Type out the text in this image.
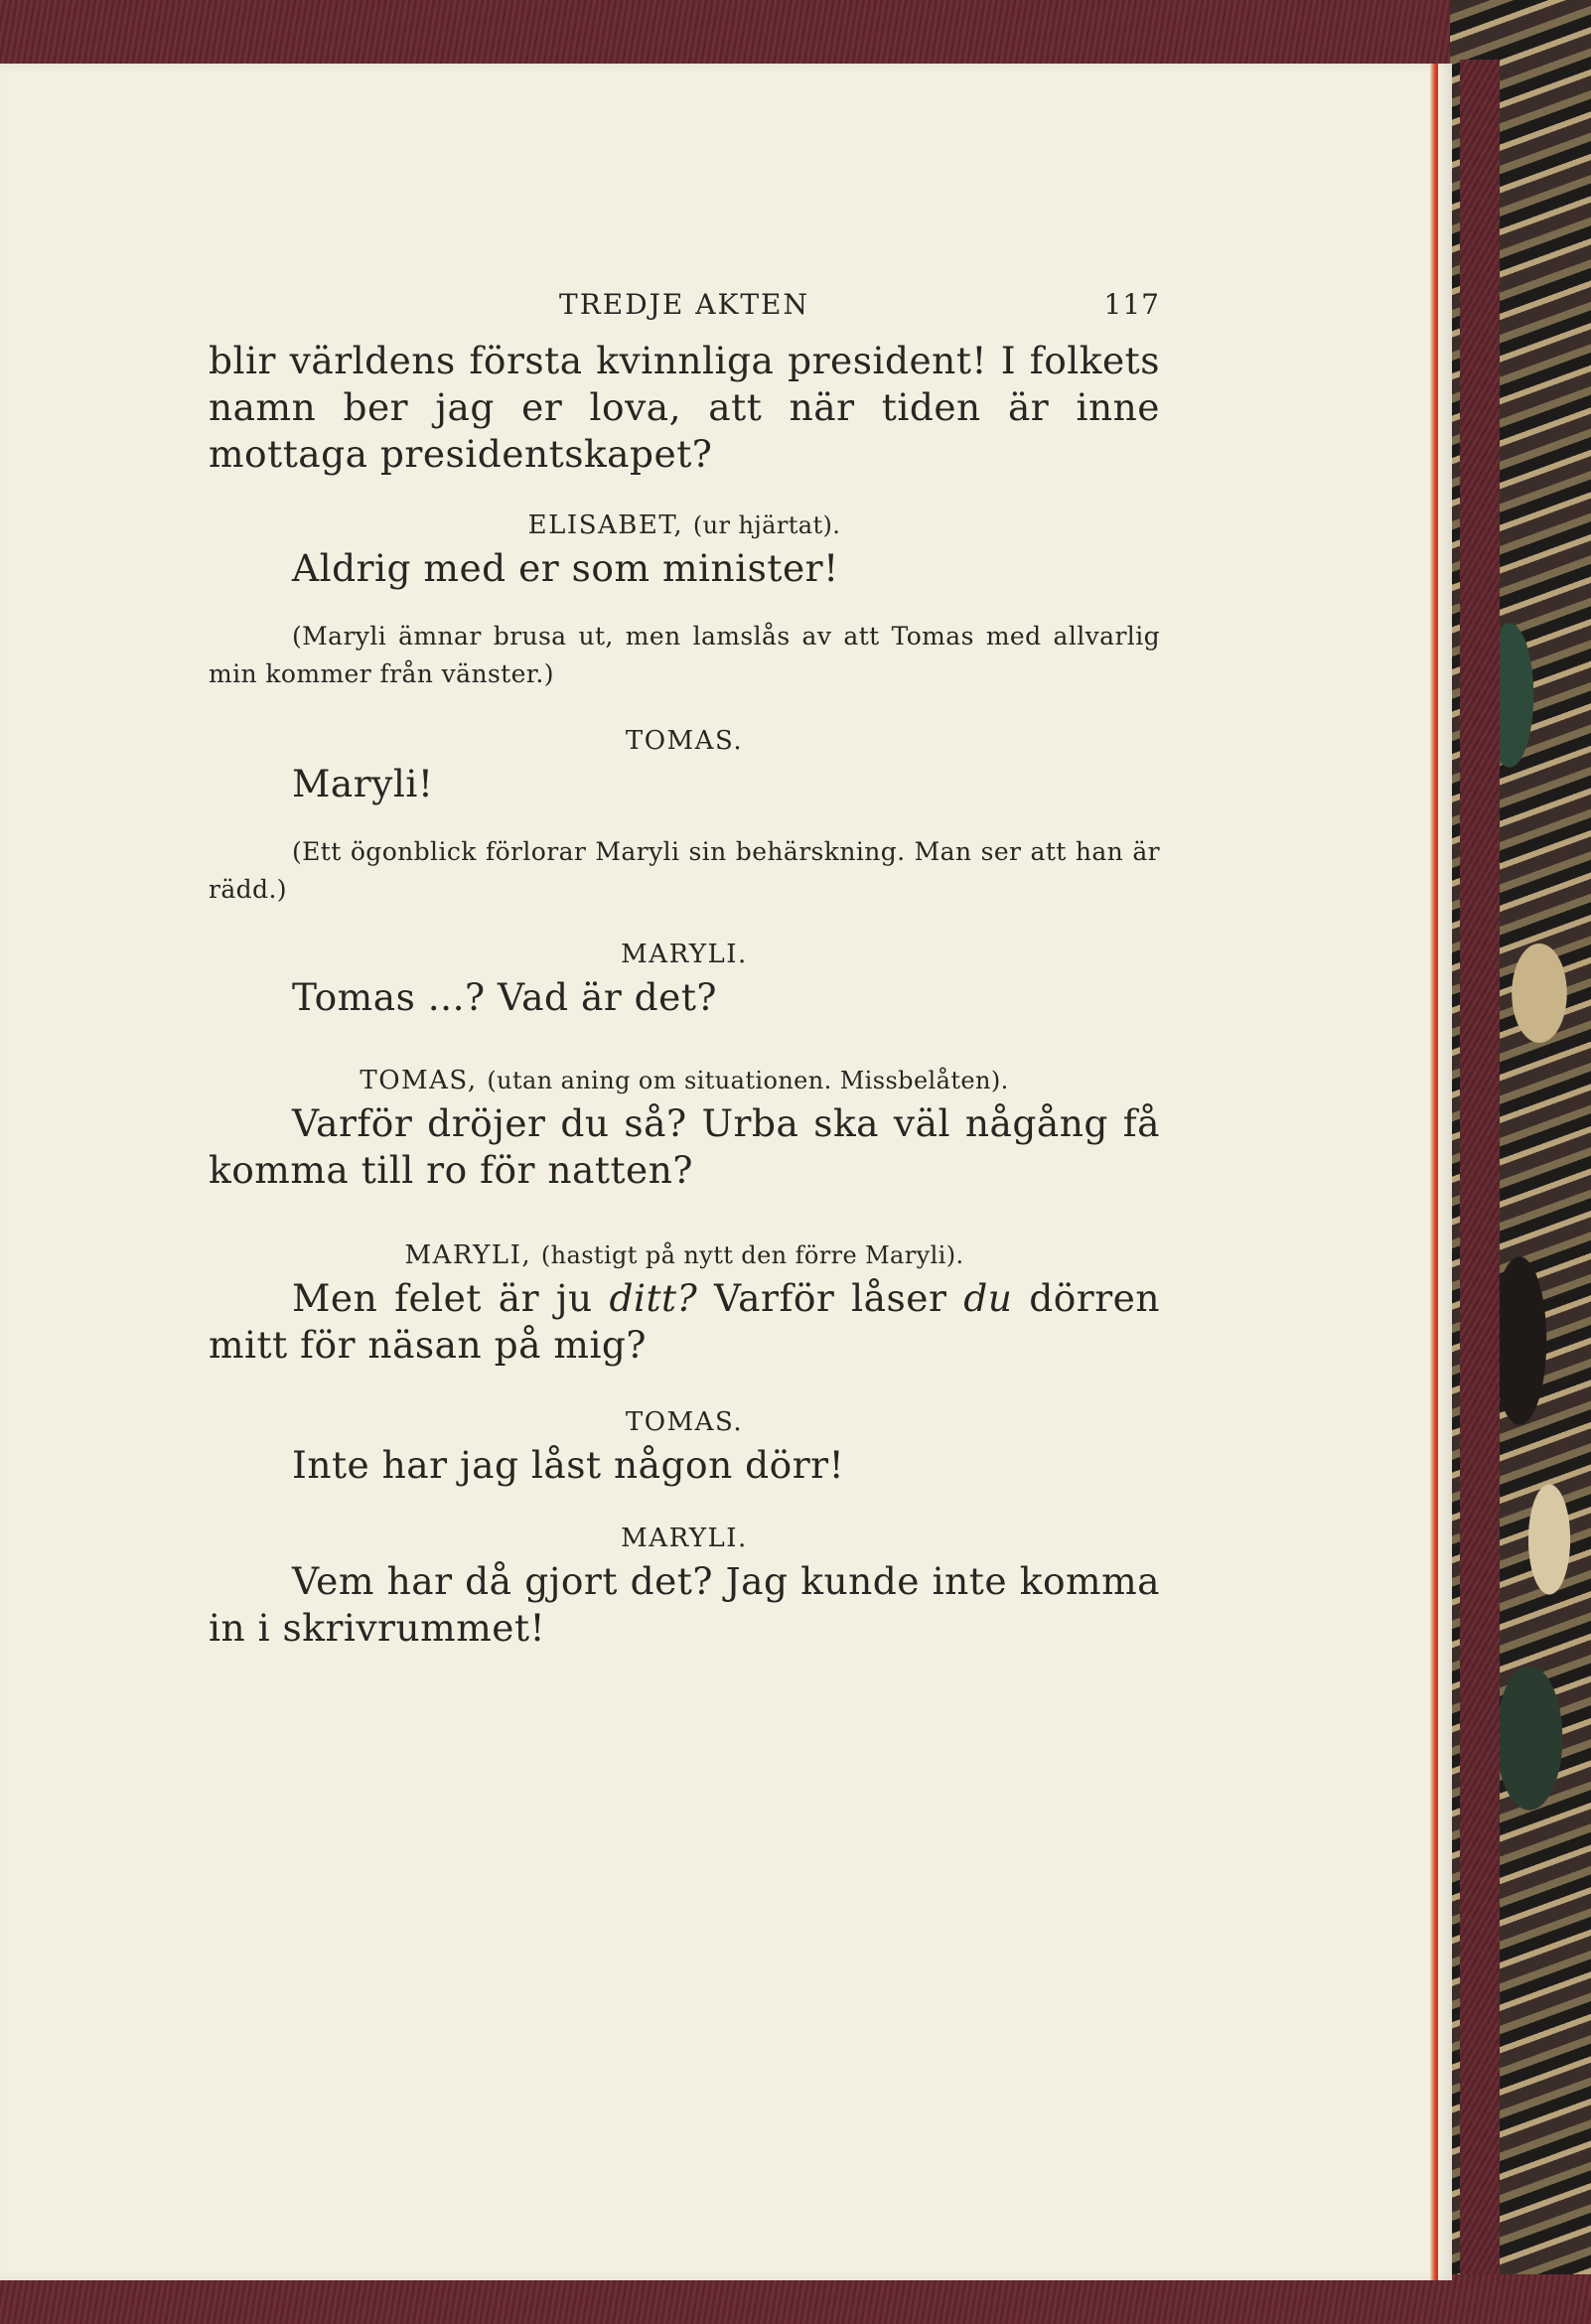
TREDJE AKTEN	117

blir världens första kvinnliga president! I folkets namn ber jag er lova, att när tiden är inne mottaga presidentskapet?

ELISABET, (ur hjärtat).

Aldrig med er som minister!

(Maryli ämnar brusa ut, men lamslås av att Tomas med allvarlig min kommer från vänster.)

TOMAS.

Maryli!

(Ett ögonblick förlorar Maryli sin behärskning. Man ser att han är rädd.)

MARYLI.

Tomas ...? Vad är det?

TOMAS, (utan aning om situationen. Missbelåten).

Varför dröjer du så? Urba ska väl någång få komma till ro för natten?

MARYLI, (hastigt på nytt den förre Maryli).

Men felet är ju ditt? Varför låser du dörren mitt för näsan på mig?

TOMAS.

Inte har jag låst någon dörr!

MARYLI.

Vem har då gjort det? Jag kunde inte komma in i skrivrummet!
